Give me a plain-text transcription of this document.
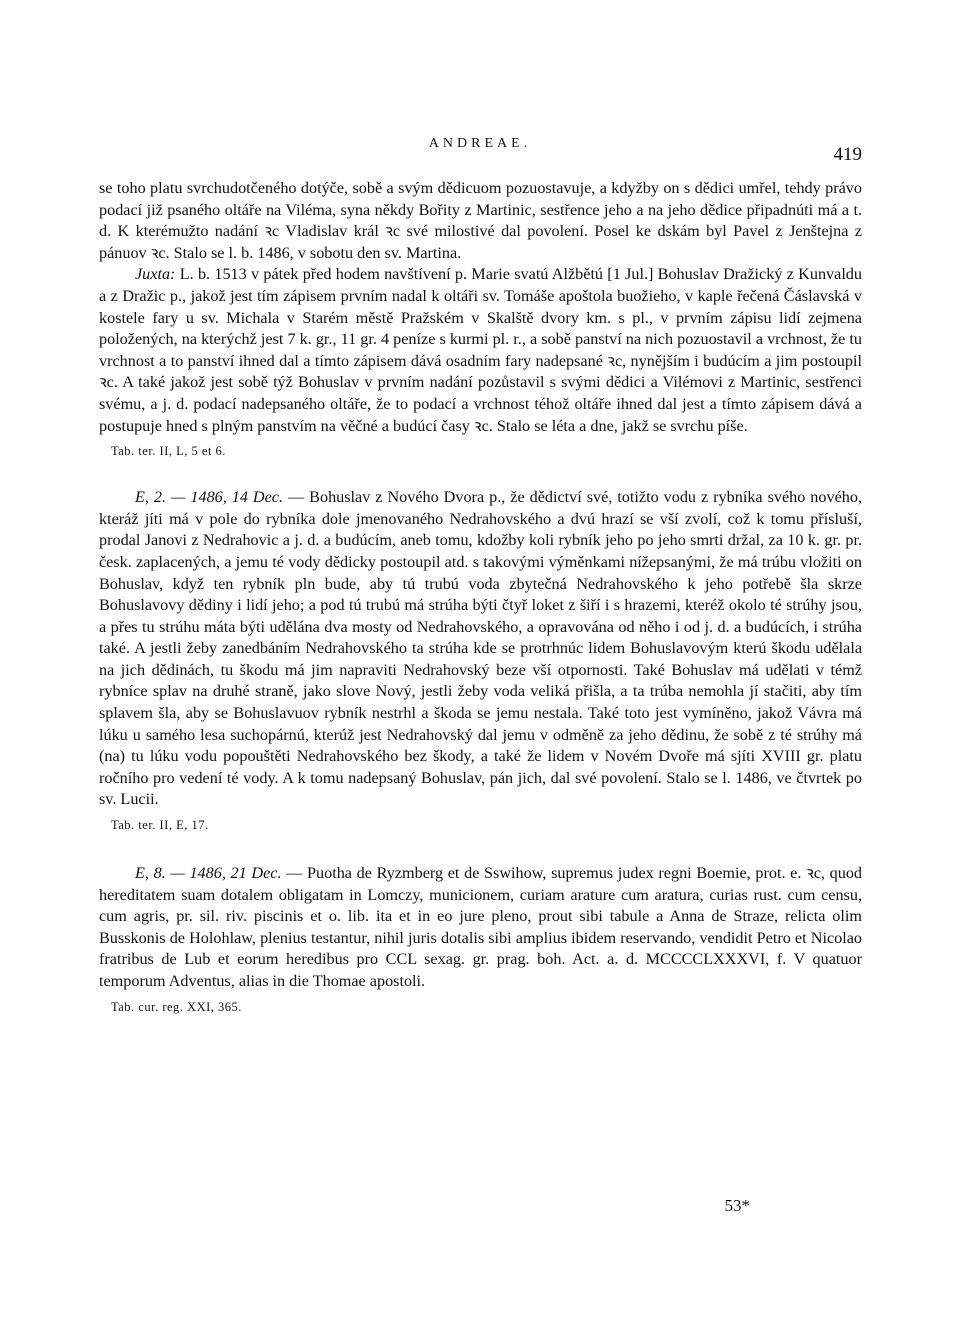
ANDREAE.
419

se toho platu svrchudotčeného dotýče, sobě a svým dědicuom pozuostavuje, a kdyžby on s dědici umřel, tehdy právo podací již psaného oltáře na Viléma, syna někdy Bořity z Martinic, sestřence jeho a na jeho dědice připadnúti má a t. d. K kterémužto nadání ꝛc Vladislav král ꝛc své milostivé dal povolení. Posel ke dskám byl Pavel z Jenštejna z pánuov ꝛc. Stalo se l. b. 1486, v sobotu den sv. Martina.

Juxta: L. b. 1513 v pátek před hodem navštívení p. Marie svatú Alžbětú [1 Jul.] Bohuslav Dražický z Kunvaldu a z Dražic p., jakož jest tím zápisem prvním nadal k oltáři sv. Tomáše apoštola buožieho, v kaple řečená Čáslavská v kostele fary u sv. Michala v Starém městě Pražském v Skalště dvory km. s pl., v prvním zápisu lidí zejmena položených, na kterýchž jest 7 k. gr., 11 gr. 4 peníze s kurmi pl. r., a sobě panství na nich pozuostavil a vrchnost, že tu vrchnost a to panství ihned dal a tímto zápisem dává osadním fary nadepsané ꝛc, nynějším i budúcím a jim postoupil ꝛc. A také jakož jest sobě týž Bohuslav v prvním nadání pozůstavil s svými dědici a Vilémovi z Martinic, sestřenci svému, a j. d. podací nadepsaného oltáře, že to podací a vrchnost téhož oltáře ihned dal jest a tímto zápisem dává a postupuje hned s plným panstvím na věčné a budúcí časy ꝛc. Stalo se léta a dne, jakž se svrchu píše.

Tab. ter. II, L, 5 et 6.

E, 2. — 1486, 14 Dec. — Bohuslav z Nového Dvora p., že dědictví své, totižto vodu z rybníka svého nového, kteráž jíti má v pole do rybníka dole jmenovaného Nedrahovského a dvú hrazí se vší zvolí, což k tomu přísluší, prodal Janovi z Nedrahovic a j. d. a budúcím, aneb tomu, kdožby koli rybník jeho po jeho smrti držal, za 10 k. gr. pr. česk. zaplacených, a jemu té vody dědicky postoupil atd. s takovými výměnkami nížepsanými, že má trúbu vložiti on Bohuslav, když ten rybník pln bude, aby tú trubú voda zbytečná Nedrahovského k jeho potřebě šla skrze Bohuslavovy dědiny i lidí jeho; a pod tú trubú má strúha býti čtyř loket z šiří i s hrazemi, kteréž okolo té strúhy jsou, a přes tu strúhu máta býti udělána dva mosty od Nedrahovského, a opravována od něho i od j. d. a budúcích, i strúha také. A jestli žeby zanedbáním Nedrahovského ta strúha kde se protrhnúc lidem Bohuslavovým kterú škodu udělala na jich dědinách, tu škodu má jim napraviti Nedrahovský beze vší otpornosti. Také Bohuslav má udělati v témž rybníce splav na druhé straně, jako slove Nový, jestli žeby voda veliká přišla, a ta trúba nemohla jí stačiti, aby tím splavem šla, aby se Bohuslavuov rybník nestrhl a škoda se jemu nestala. Také toto jest vymíněno, jakož Vávra má lúku u samého lesa suchopárnú, kterúž jest Nedrahovský dal jemu v odměně za jeho dědinu, že sobě z té strúhy má (na) tu lúku vodu popouštěti Nedrahovského bez škody, a také že lidem v Novém Dvoře má sjíti XVIII gr. platu ročního pro vedení té vody. A k tomu nadepsaný Bohuslav, pán jich, dal své povolení. Stalo se l. 1486, ve čtvrtek po sv. Lucii.

Tab. ter. II, E, 17.

E, 8. — 1486, 21 Dec. — Puotha de Ryzmberg et de Sswihow, supremus judex regni Boemie, prot. e. ꝛc, quod hereditatem suam dotalem obligatam in Lomczy, municionem, curiam arature cum aratura, curias rust. cum censu, cum agris, pr. sil. riv. piscinis et o. lib. ita et in eo jure pleno, prout sibi tabule a Anna de Straze, relicta olim Busskonis de Holohlaw, plenius testantur, nihil juris dotalis sibi amplius ibidem reservando, vendidit Petro et Nicolao fratribus de Lub et eorum heredibus pro CCL sexag. gr. prag. boh. Act. a. d. MCCCCLXXXVI, f. V quatuor temporum Adventus, alias in die Thomae apostoli.

Tab. cur. reg. XXI, 365.
53*
